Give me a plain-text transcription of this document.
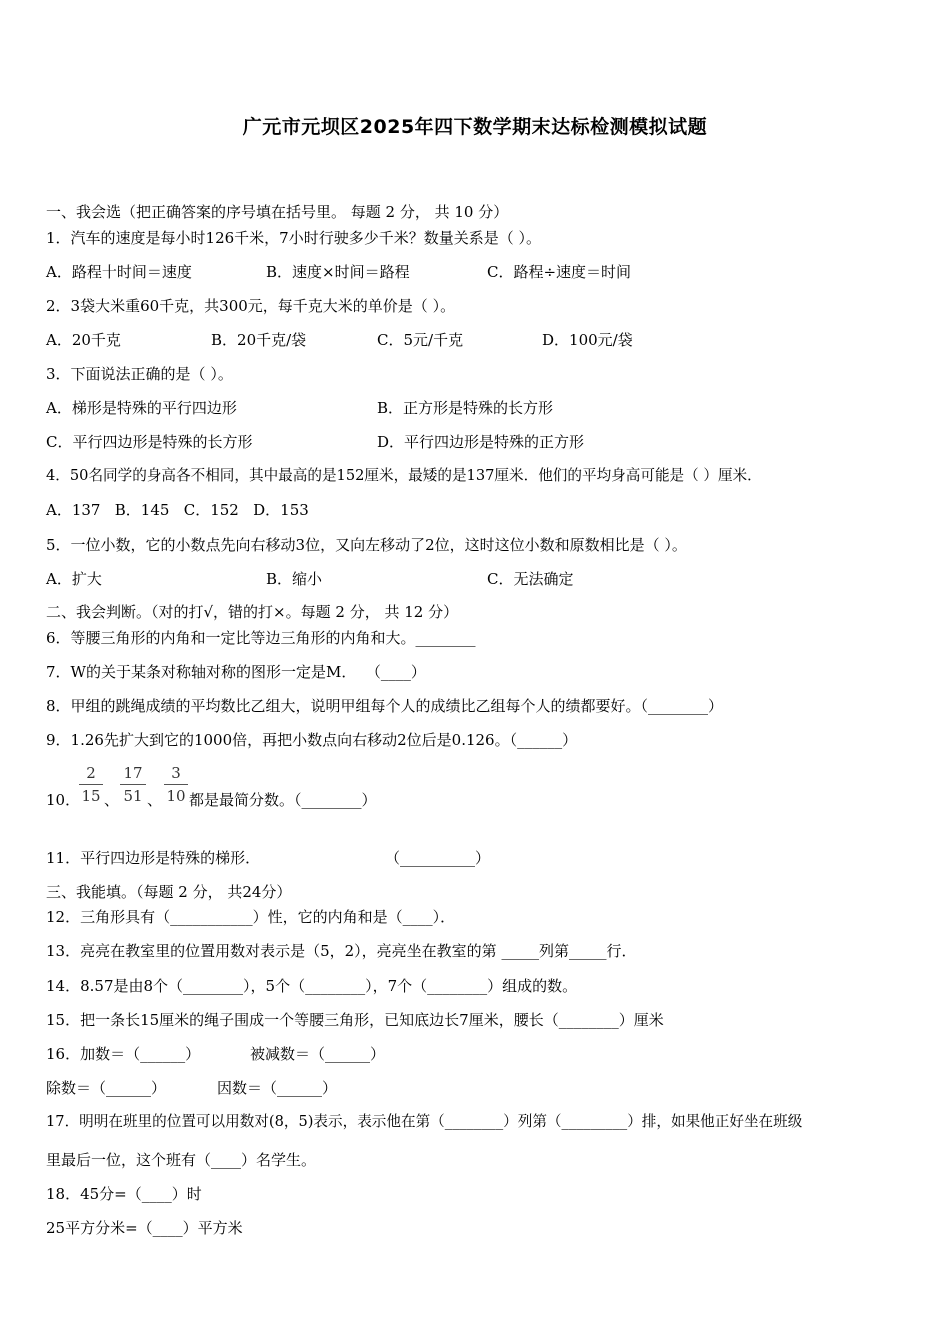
广元市元坝区2025年四下数学期末达标检测模拟试题
一、我会选（把正确答案的序号填在括号里。 每题 2 分， 共 10 分）
1．汽车的速度是每小时126千米，7小时行驶多少千米？数量关系是（ ）。
A．路程十时间＝速度	B．速度×时间＝路程	C．路程÷速度＝时间
2．3袋大米重60千克，共300元，每千克大米的单价是（ ）。
A．20千克	B．20千克/袋	C．5元/千克	D．100元/袋
3．下面说法正确的是（ ）。
A．梯形是特殊的平行四边形	B．正方形是特殊的长方形
C．平行四边形是特殊的长方形	D．平行四边形是特殊的正方形
4．50名同学的身高各不相同，其中最高的是152厘米，最矮的是137厘米．他们的平均身高可能是（ ）厘米．
A．137   B．145   C．152   D．153
5．一位小数，它的小数点先向右移动3位，又向左移动了2位，这时这位小数和原数相比是（ ）。
A．扩大	B．缩小	C．无法确定
二、我会判断。（对的打√，错的打×。每题 2 分， 共 12 分）
6．等腰三角形的内角和一定比等边三角形的内角和大。________
7．W的关于某条对称轴对称的图形一定是M．  （____）
8．甲组的跳绳成绩的平均数比乙组大，说明甲组每个人的成绩比乙组每个人的绩都要好。（________）
9．1.26先扩大到它的1000倍，再把小数点向右移动2位后是0.126。（______）
10．
2
15 、
17
51 、
3
10 都是最简分数。（________）
11．平行四边形是特殊的梯形．	（__________）
三、我能填。（每题 2 分， 共24分）
12．三角形具有（___________）性，它的内角和是（____）．
13．亮亮在教室里的位置用数对表示是（5，2），亮亮坐在教室的第 _____列第_____行．
14．8.57是由8个（________），5个（________），7个（________）组成的数。
15．把一条长15厘米的绳子围成一个等腰三角形，已知底边长7厘米，腰长（________）厘米
16．加数＝（______）	被减数＝（______）
除数＝（______）	因数＝（______）
17．明明在班里的位置可以用数对(8，5)表示，表示他在第（________）列第（_________）排，如果他正好坐在班级
里最后一位，这个班有（____）名学生。
18．45分=（____）时
25平方分米=（____）平方米
